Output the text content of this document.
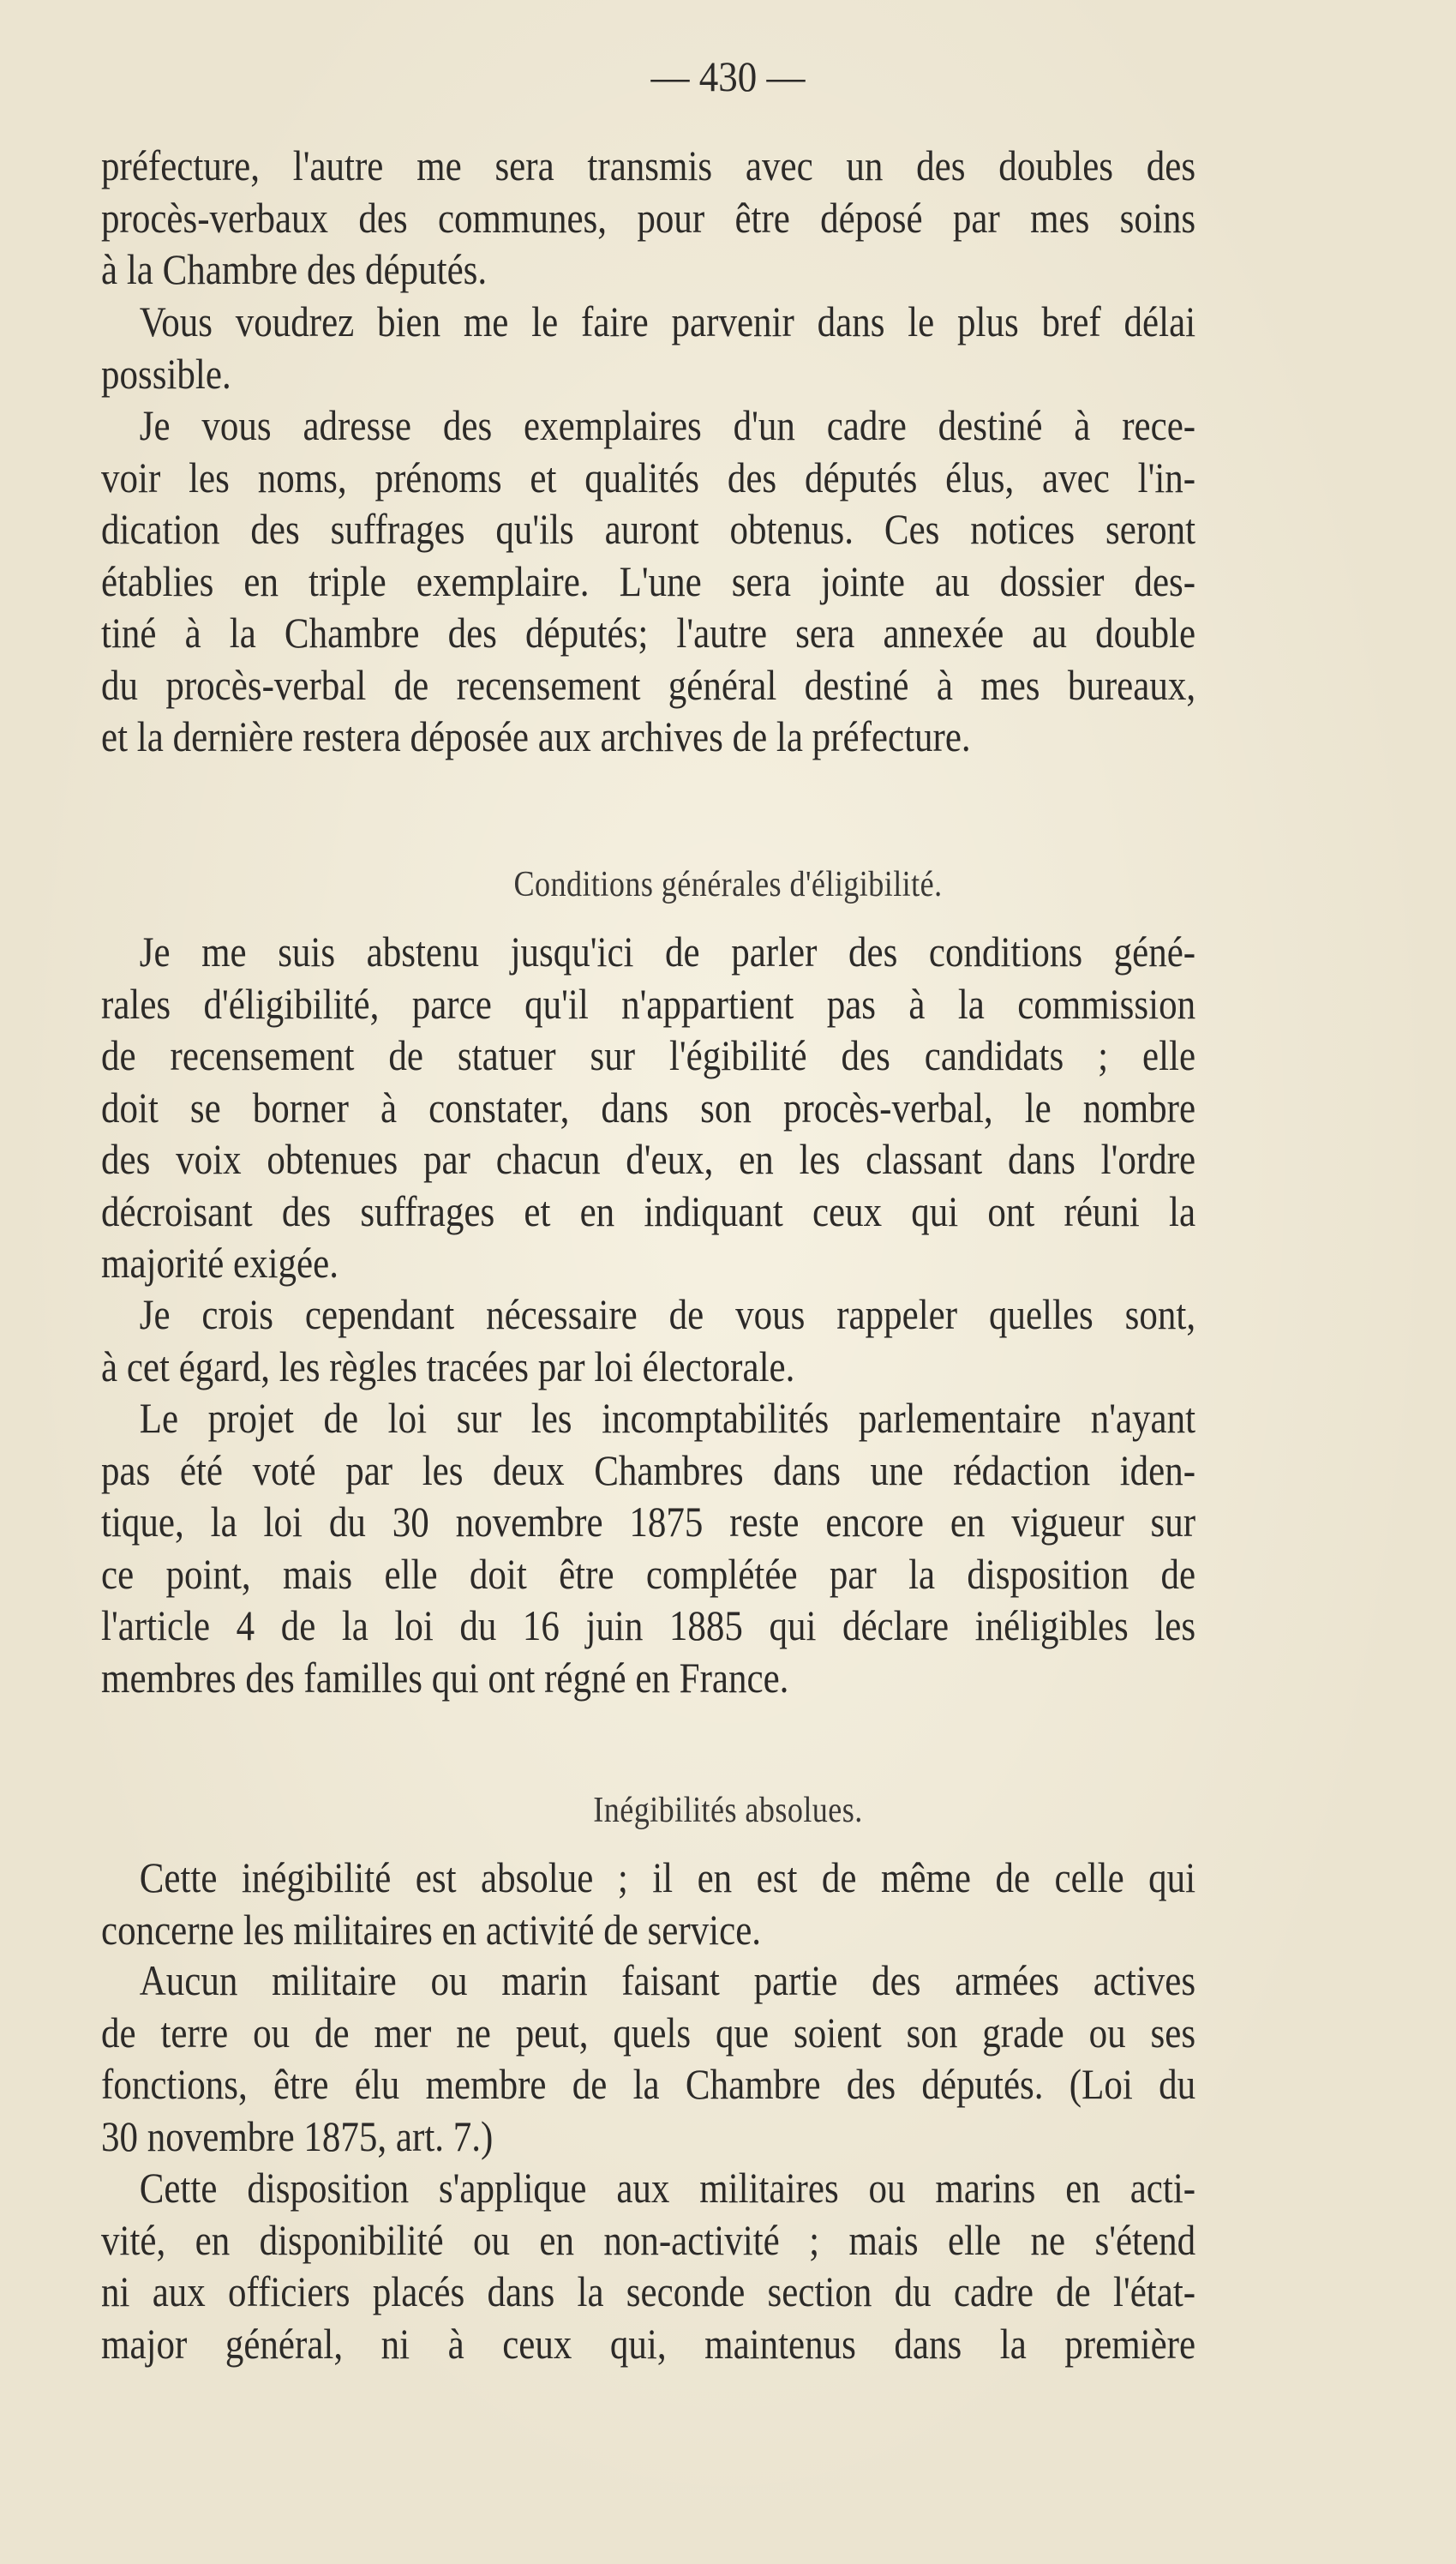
— 430 —
préfecture, l'autre me sera transmis avec un des doubles des
procès-verbaux des communes, pour être déposé par mes soins
à la Chambre des députés.
Vous voudrez bien me le faire parvenir dans le plus bref délai
possible.
Je vous adresse des exemplaires d'un cadre destiné à rece-
voir les noms, prénoms et qualités des députés élus, avec l'in-
dication des suffrages qu'ils auront obtenus. Ces notices seront
établies en triple exemplaire. L'une sera jointe au dossier des-
tiné à la Chambre des députés; l'autre sera annexée au double
du procès-verbal de recensement général destiné à mes bureaux,
et la dernière restera déposée aux archives de la préfecture.
Conditions générales d'éligibilité.
Je me suis abstenu jusqu'ici de parler des conditions géné-
rales d'éligibilité, parce qu'il n'appartient pas à la commission
de recensement de statuer sur l'égibilité des candidats ; elle
doit se borner à constater, dans son procès-verbal, le nombre
des voix obtenues par chacun d'eux, en les classant dans l'ordre
décroisant des suffrages et en indiquant ceux qui ont réuni la
majorité exigée.
Je crois cependant nécessaire de vous rappeler quelles sont,
à cet égard, les règles tracées par loi électorale.
Le projet de loi sur les incomptabilités parlementaire n'ayant
pas été voté par les deux Chambres dans une rédaction iden-
tique, la loi du 30 novembre 1875 reste encore en vigueur sur
ce point, mais elle doit être complétée par la disposition de
l'article 4 de la loi du 16 juin 1885 qui déclare inéligibles les
membres des familles qui ont régné en France.
Inégibilités absolues.
Cette inégibilité est absolue ; il en est de même de celle qui
concerne les militaires en activité de service.
Aucun militaire ou marin faisant partie des armées actives
de terre ou de mer ne peut, quels que soient son grade ou ses
fonctions, être élu membre de la Chambre des députés. (Loi du
30 novembre 1875, art. 7.)
Cette disposition s'applique aux militaires ou marins en acti-
vité, en disponibilité ou en non-activité ; mais elle ne s'étend
ni aux officiers placés dans la seconde section du cadre de l'état-
major général, ni à ceux qui, maintenus dans la première
